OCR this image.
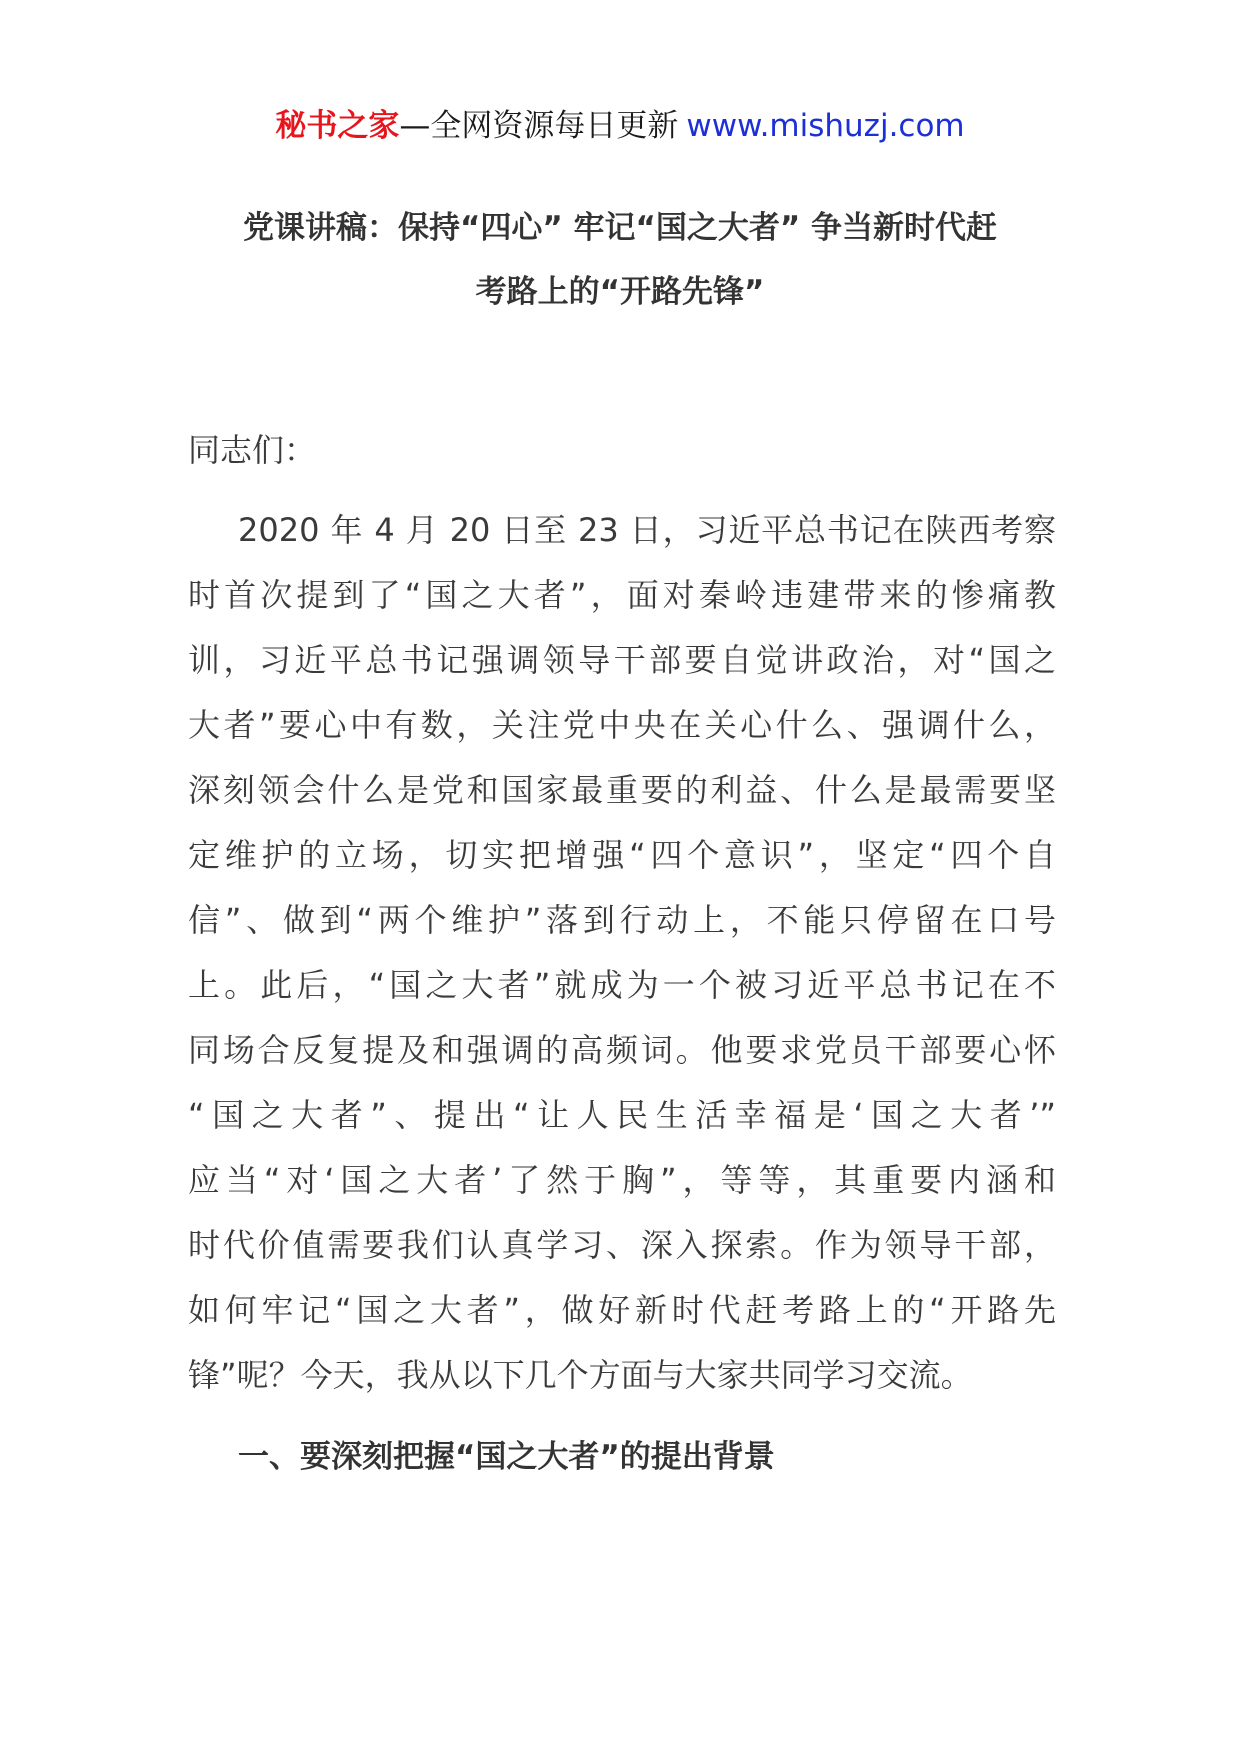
秘书之家—全网资源每日更新 www.mishuzj.com
党课讲稿：保持“四心” 牢记“国之大者” 争当新时代赶
考路上的“开路先锋”

同志们：

2020 年 4 月 20 日至 23 日，习近平总书记在陕西考察
时首次提到了“国之大者”，面对秦岭违建带来的惨痛教
训，习近平总书记强调领导干部要自觉讲政治，对“国之
大者”要心中有数，关注党中央在关心什么、强调什么，
深刻领会什么是党和国家最重要的利益、什么是最需要坚
定维护的立场，切实把增强“四个意识”，坚定“四个自
信”、做到“两个维护”落到行动上，不能只停留在口号
上。此后，“国之大者”就成为一个被习近平总书记在不
同场合反复提及和强调的高频词。他要求党员干部要心怀
“国之大者”、提出“让人民生活幸福是‘国之大者’”
应当“对‘国之大者’了然于胸”，等等，其重要内涵和
时代价值需要我们认真学习、深入探索。作为领导干部，
如何牢记“国之大者”，做好新时代赶考路上的“开路先
锋”呢？今天，我从以下几个方面与大家共同学习交流。
一、要深刻把握“国之大者”的提出背景
